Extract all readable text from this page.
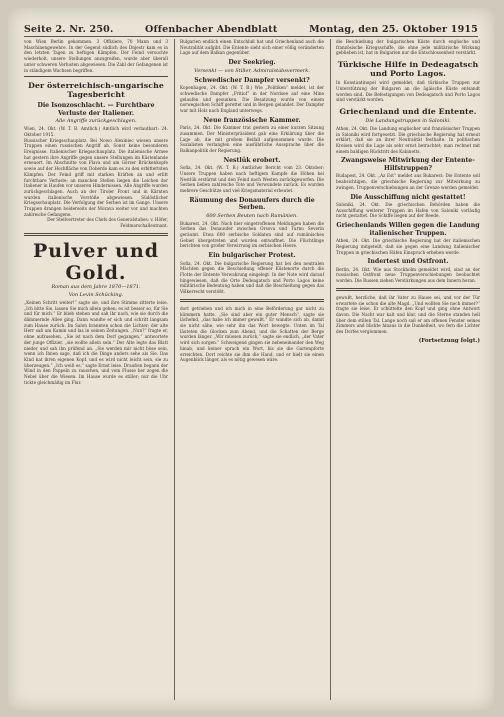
Seite 2. Nr. 250.	Offenbacher Abendblatt	Montag, den 25. Oktober 1915

von Wien Berlin gekommen. 3 Offiziere, 70 Mann und 3 Maschinengewehre. In der Gegend südlich des Dnjestr kam es in den letzten Tagen zu heftigen Kämpfen. Der Feind versuchte wiederholt, unsere Stellungen anzugreifen, wurde aber überall unter schweren Verlusten abgewiesen. Die Zahl der Gefangenen ist in ständigem Wachsen begriffen.

Der österreichisch-ungarische Tagesbericht
Die Isonzoschlacht. — Furchtbare Verluste der Italiener.
Alle Angriffe zurückgeschlagen.

Wien, 24. Okt. (W. T. B. Amtlich.) Amtlich wird verlautbart: 24. Oktober 1915.

Russischer Kriegsschauplatz. Bei Nowo Alexiniec wiesen unsere Truppen einen russischen Angriff ab. Sonst keine besonderen Ereignisse. Italienischer Kriegsschauplatz. Die italienische Armee hat gestern ihre Angriffe gegen unsere Stellungen im Küstenlande erneuert. Im Abschnitte von Plava und am Görzer Brückenkopfe sowie auf der Hochfläche von Doberdo kam es zu den erbittertsten Kämpfen. Der Feind griff mit starken Kräften an und erlitt furchtbare Verluste; an manchen Stellen liegen die Leichen der Italiener in Haufen vor unseren Hindernissen. Alle Angriffe wurden zurückgeschlagen. Auch an der Tiroler Front und in Kärnten wurden italienische Vorstöße abgewiesen. Südöstlicher Kriegsschauplatz. Die Verfolgung der Serben ist im Gange. Unsere Truppen drangen beiderseits der Morava weiter vor und machten zahlreiche Gefangene.

Der Stellvertreter des Chefs des Generalstabes: v. Höfer, Feldmarschalleutnant.

Pulver und Gold.
Roman aus dem Jahre 1870—1871.
Von Levin Schücking.

„Keinen Schritt weiter!“ sagte sie, und ihre Stimme zitterte leise. „Ich bitte Sie, lassen Sie mich allein gehen; es ist besser so, für Sie und für mich.“ Er blieb stehen und sah ihr nach, wie sie durch die dämmernde Allee ging. Dann wandte er sich und schritt langsam zum Hause zurück. Im Salon brannten schon die Lichter; der alte Herr saß am Kamin und las in seinen Zeitungen. „Nun?“ fragte er, ohne aufzusehen. „Sie ist nach dem Dorf gegangen,“ antwortete der junge Offizier, „sie wollte allein sein.“ Der Alte legte das Blatt nieder und sah ihn prüfend an. „Sie werden mir nicht böse sein, wenn ich Ihnen sage, daß ich die Dinge anders sehe als Sie. Das Kind hat ihren eigenen Kopf, und es wird nicht leicht sein, sie zu überzeugen.“ „Ich weiß es,“ sagte Ernst leise. Draußen begann der Wind in den Pappeln zu rauschen, und vom Flusse her zogen die Nebel über die Wiesen. Im Hause wurde es stiller; nur die Uhr tickte gleichmäßig im Flur.

Bulgarien endlich einen Entschluß hat und Griechenland auch die Neutralität aufgibt. Die Entente sieht sich einer völlig veränderten Lage auf dem Balkan gegenüber.

Der Seekrieg.
Versenkt — von Stiller, Admiralstabsvermerk.
Schwedischer Dampfer versenkt?

Kopenhagen, 24. Okt. (W. T. B.) Wie „Politiken“ meldet, ist der schwedische Dampfer „Fritiof“ in der Nordsee auf eine Mine gelaufen und gesunken. Die Besatzung wurde von einem norwegischen Schiff gerettet und in Bergen gelandet. Der Dampfer war mit Holz nach England unterwegs.

Neue französische Kammer.

Paris, 24. Okt. Die Kammer trat gestern zu einer kurzen Sitzung zusammen. Der Ministerpräsident gab eine Erklärung über die Lage ab, die mit großem Beifall aufgenommen wurde. Die Sozialisten verlangten eine ausführliche Aussprache über die Balkanpolitik der Regierung.

Nestlük erobert.

Sofia, 24. Okt. (W. T. B.) Amtlicher Bericht vom 23. Oktober: Unsere Truppen haben nach heftigem Kampfe die Höhen bei Nestlük erstürmt und den Feind nach Westen zurückgeworfen. Die Serben ließen zahlreiche Tote und Verwundete zurück. Es wurden mehrere Geschütze und viel Kriegsmaterial erbeutet.

Räumung des Donauufers durch die Serben.
600 Serben Beuten nach Rumänien.

Bukarest, 24. Okt. Nach hier eingetroffenen Meldungen haben die Serben das Donauufer zwischen Orsova und Turnu Severin geräumt. Etwa 600 serbische Soldaten sind auf rumänisches Gebiet übergetreten und wurden entwaffnet. Die Flüchtlinge berichten von großer Verwirrung im serbischen Heere.

Ein bulgarischer Protest.

Sofia, 24. Okt. Die bulgarische Regierung hat bei den neutralen Mächten gegen die Beschießung offener Küstenorte durch die Flotte der Entente Verwahrung eingelegt. In der Note wird darauf hingewiesen, daß die Orte Dedeagatsch und Porto Lagos keine militärische Bedeutung haben und daß die Beschießung gegen das Völkerrecht verstößt.

dort getrieben und ich mich in eine Beförderung gar nicht zu kümmern hatte. „Sie sind aber ein guter Mensch“, sagte sie lächelnd, „das habe ich immer gewußt.“ Er wandte sich ab, damit sie nicht sähe, wie sehr ihn das Wort bewegte. Unten im Tal läuteten die Glocken zum Abend, und die Schatten der Berge wurden länger. „Wir müssen zurück,“ sagte sie endlich, „der Vater wird sich sorgen.“ Schweigend gingen sie nebeneinander den Weg hinab, und keiner sprach ein Wort, bis sie die Gartenpforte erreichten. Dort reichte sie ihm die Hand, und er hielt sie einen Augenblick länger, als es nötig gewesen wäre.

die Beschießung der bulgarischen Küste durch englische und französische Kriegsschiffe, die ohne jede militärische Wirkung geblieben ist, hat in Bulgarien nur die Entschlossenheit verstärkt.

Türkische Hilfe in Dedeagatsch und Porto Lagos.

In Konstantinopel wird gemeldet, daß türkische Truppen zur Unterstützung der Bulgaren an die ägäische Küste entsandt worden sind. Die Befestigungen von Dedeagatsch und Porto Lagos sind verstärkt worden.

Griechenland und die Entente.
Die Landungstruppen in Saloniki.

Athen, 24. Okt. Die Landung englischer und französischer Truppen in Saloniki wird fortgesetzt. Die griechische Regierung hat erneut erklärt, daß sie an ihrer Neutralität festhalte. In politischen Kreisen wird die Lage als sehr ernst betrachtet; man rechnet mit einem baldigen Rücktritt des Kabinetts.

Zwangsweise Mitwirkung der Entente-Hilfstruppen?

Budapest, 24. Okt. „Az Est“ meldet aus Bukarest: Die Entente soll beabsichtigen, die griechische Regierung zur Mitwirkung zu zwingen. Truppenverschiebungen an der Grenze werden gemeldet.

Die Ausschiffung nicht gestattet!

Saloniki, 24. Okt. Die griechischen Behörden haben die Ausschiffung weiterer Truppen im Hafen von Saloniki vorläufig nicht gestattet. Die Schiffe liegen auf der Reede.

Griechenlands Willen gegen die Landung italienischer Truppen.

Athen, 24. Okt. Die griechische Regierung hat der italienischen Regierung mitgeteilt, daß sie gegen eine Landung italienischer Truppen in griechischen Häfen Einspruch erheben werde.

Indertest und Ostfront.

Berlin, 24. Okt. Wie aus Stockholm gemeldet wird, sind an der russischen Ostfront neue Truppenverschiebungen beobachtet worden. Die Russen ziehen Verstärkungen aus dem Innern heran.

gewußt, herzliche, daß ihr Vater zu Hause sei, und vor der Tür erwartete sie schon die alte Magd. „Und wollten Sie noch immer?“ fragte sie leise. Er schüttelte den Kopf und ging ohne Antwort davon. Die Nacht war kalt und klar, und die Sterne standen hell über dem stillen Tal. Lange noch saß er am offenen Fenster seines Zimmers und blickte hinaus in die Dunkelheit, wo fern die Lichter des Dorfes verglommen.

(Fortsetzung folgt.)
